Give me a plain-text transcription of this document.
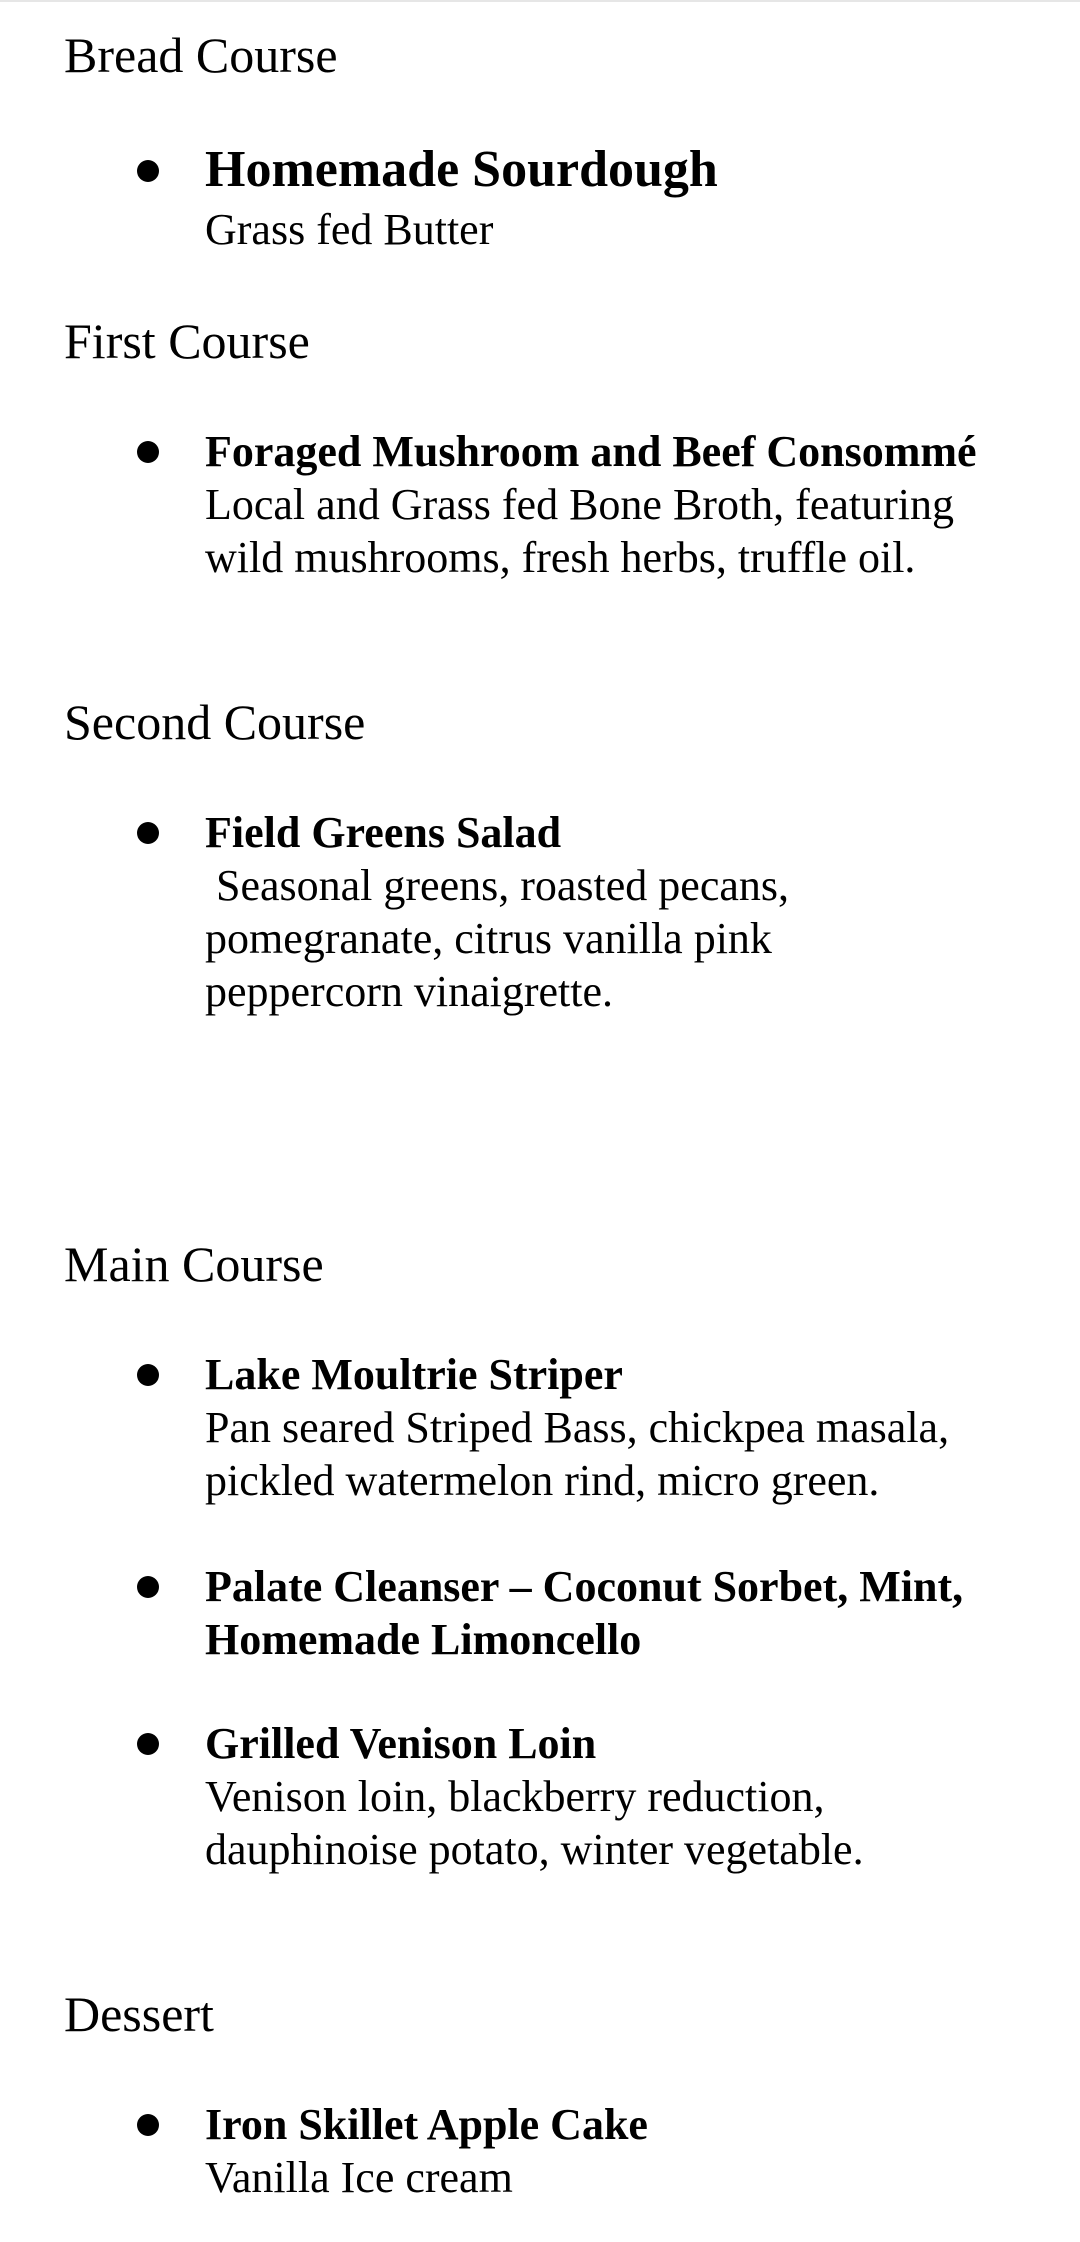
Bread Course

Homemade Sourdough

Grass fed Butter

First Course

Foraged Mushroom and Beef Consommé

Local and Grass fed Bone Broth, featuring

wild mushrooms, fresh herbs, truffle oil.

Second Course

Field Greens Salad

Seasonal greens, roasted pecans,

pomegranate, citrus vanilla pink

peppercorn vinaigrette.

Main Course

Lake Moultrie Striper

Pan seared Striped Bass, chickpea masala,

pickled watermelon rind, micro green.

Palate Cleanser – Coconut Sorbet, Mint,

Homemade Limoncello

Grilled Venison Loin

Venison loin, blackberry reduction,

dauphinoise potato, winter vegetable.

Dessert

Iron Skillet Apple Cake

Vanilla Ice cream
